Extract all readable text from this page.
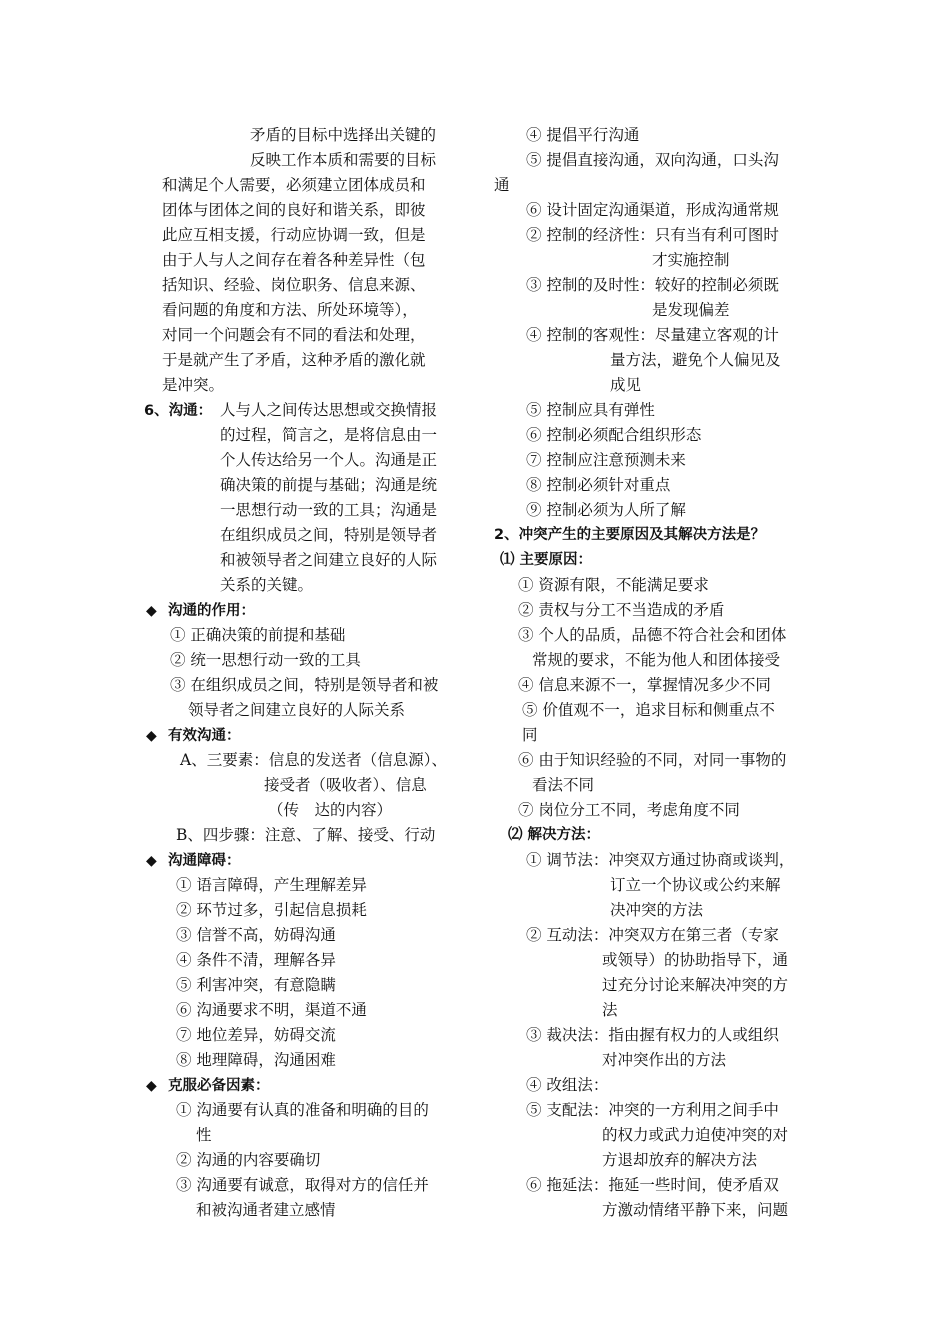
矛盾的目标中选择出关键的
反映工作本质和需要的目标
和满足个人需要，必须建立团体成员和
团体与团体之间的良好和谐关系，即彼
此应互相支援，行动应协调一致，但是
由于人与人之间存在着各种差异性（包
括知识、经验、岗位职务、信息来源、
看问题的角度和方法、所处环境等），
对同一个问题会有不同的看法和处理，
于是就产生了矛盾，这种矛盾的激化就
是冲突。
6、沟通： 人与人之间传达思想或交换情报
的过程，简言之，是将信息由一
个人传达给另一个人。沟通是正
确决策的前提与基础；沟通是统
一思想行动一致的工具；沟通是
在组织成员之间，特别是领导者
和被领导者之间建立良好的人际
关系的关键。
◆ 沟通的作用：
① 正确决策的前提和基础
② 统一思想行动一致的工具
③ 在组织成员之间，特别是领导者和被
领导者之间建立良好的人际关系
◆ 有效沟通：
A、三要素：信息的发送者（信息源）、
接受者（吸收者）、信息
（传　达的内容）
B、四步骤：注意、了解、接受、行动
◆ 沟通障碍：
① 语言障碍，产生理解差异
② 环节过多，引起信息损耗
③ 信誉不高，妨碍沟通
④ 条件不清，理解各异
⑤ 利害冲突，有意隐瞒
⑥ 沟通要求不明，渠道不通
⑦ 地位差异，妨碍交流
⑧ 地理障碍，沟通困难
◆ 克服必备因素：
① 沟通要有认真的准备和明确的目的
性
② 沟通的内容要确切
③ 沟通要有诚意，取得对方的信任并
和被沟通者建立感情
④ 提倡平行沟通
⑤ 提倡直接沟通，双向沟通，口头沟
通
⑥ 设计固定沟通渠道，形成沟通常规
② 控制的经济性：只有当有利可图时
才实施控制
③ 控制的及时性：较好的控制必须既
是发现偏差
④ 控制的客观性：尽量建立客观的计
量方法，避免个人偏见及
成见
⑤ 控制应具有弹性
⑥ 控制必须配合组织形态
⑦ 控制应注意预测未来
⑧ 控制必须针对重点
⑨ 控制必须为人所了解
2、冲突产生的主要原因及其解决方法是？
⑴ 主要原因：
① 资源有限，不能满足要求
② 责权与分工不当造成的矛盾
③ 个人的品质，品德不符合社会和团体
常规的要求，不能为他人和团体接受
④ 信息来源不一，掌握情况多少不同
⑤ 价值观不一，追求目标和侧重点不
同
⑥ 由于知识经验的不同，对同一事物的
看法不同
⑦ 岗位分工不同，考虑角度不同
⑵ 解决方法：
① 调节法：冲突双方通过协商或谈判，
订立一个协议或公约来解
决冲突的方法
② 互动法：冲突双方在第三者（专家
或领导）的协助指导下，通
过充分讨论来解决冲突的方
法
③ 裁决法：指由握有权力的人或组织
对冲突作出的方法
④ 改组法：
⑤ 支配法：冲突的一方利用之间手中
的权力或武力迫使冲突的对
方退却放弃的解决方法
⑥ 拖延法：拖延一些时间，使矛盾双
方激动情绪平静下来，问题
